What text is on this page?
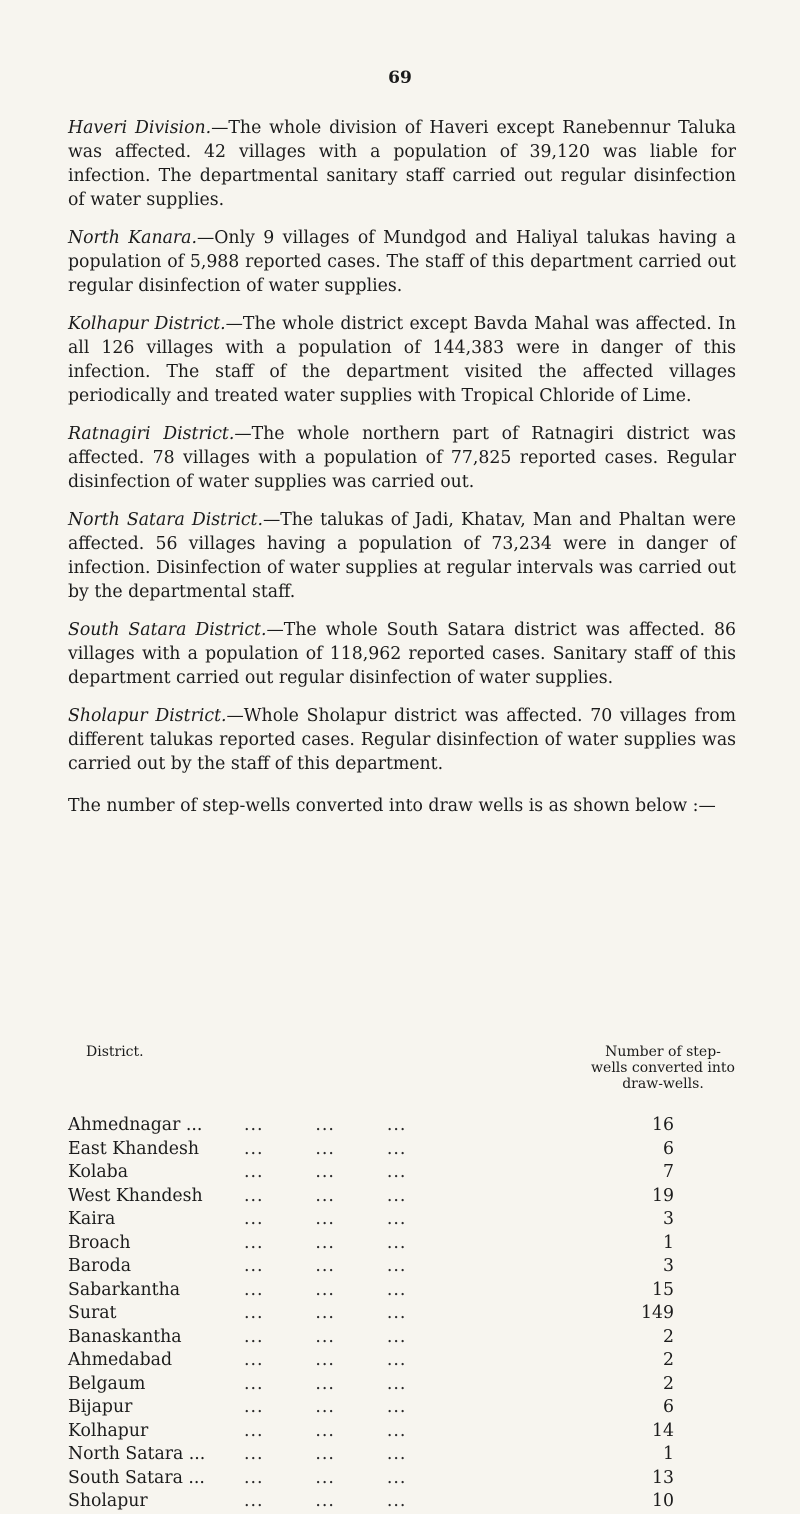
69

Haveri Division.—The whole division of Haveri except Ranebennur Taluka was affected. 42 villages with a population of 39,120 was liable for infection. The departmental sanitary staff carried out regular disinfection of water supplies.

North Kanara.—Only 9 villages of Mundgod and Haliyal talukas having a population of 5,988 reported cases. The staff of this department carried out regular disinfection of water supplies.

Kolhapur District.—The whole district except Bavda Mahal was affected. In all 126 villages with a population of 144,383 were in danger of this infection. The staff of the department visited the affected villages periodically and treated water supplies with Tropical Chloride of Lime.

Ratnagiri District.—The whole northern part of Ratnagiri district was affected. 78 villages with a population of 77,825 reported cases. Regular disinfection of water supplies was carried out.

North Satara District.—The talukas of Jadi, Khatav, Man and Phaltan were affected. 56 villages having a population of 73,234 were in danger of infection. Disinfection of water supplies at regular intervals was carried out by the departmental staff.

South Satara District.—The whole South Satara district was affected. 86 villages with a population of 118,962 reported cases. Sanitary staff of this department carried out regular disinfection of water supplies.

Sholapur District.—Whole Sholapur district was affected. 70 villages from different talukas reported cases. Regular disinfection of water supplies was carried out by the staff of this department.

The number of step-wells converted into draw wells is as shown below :—

District.	Number of step-wells converted into draw-wells.
Ahmednagar ... ...        ...        ...	16
East Khandesh	...        ...        ...	6
Kolaba	...        ...        ...	7
West Khandesh ...        ...        ...	19
Kaira	...        ...        ...	3
Broach	...        ...        ...	1
Baroda	...        ...        ...	3
Sabarkantha	...        ...        ...	15
Surat	...        ...        ...	149
Banaskantha	...        ...        ...	2
Ahmedabad	...        ...        ...	2
Belgaum	...        ...        ...	2
Bijapur	...        ...        ...	6
Kolhapur	...        ...        ...	14
North Satara ... ...        ...        ...	1
South Satara ... ...        ...        ...	13
Sholapur	...        ...        ...	10
